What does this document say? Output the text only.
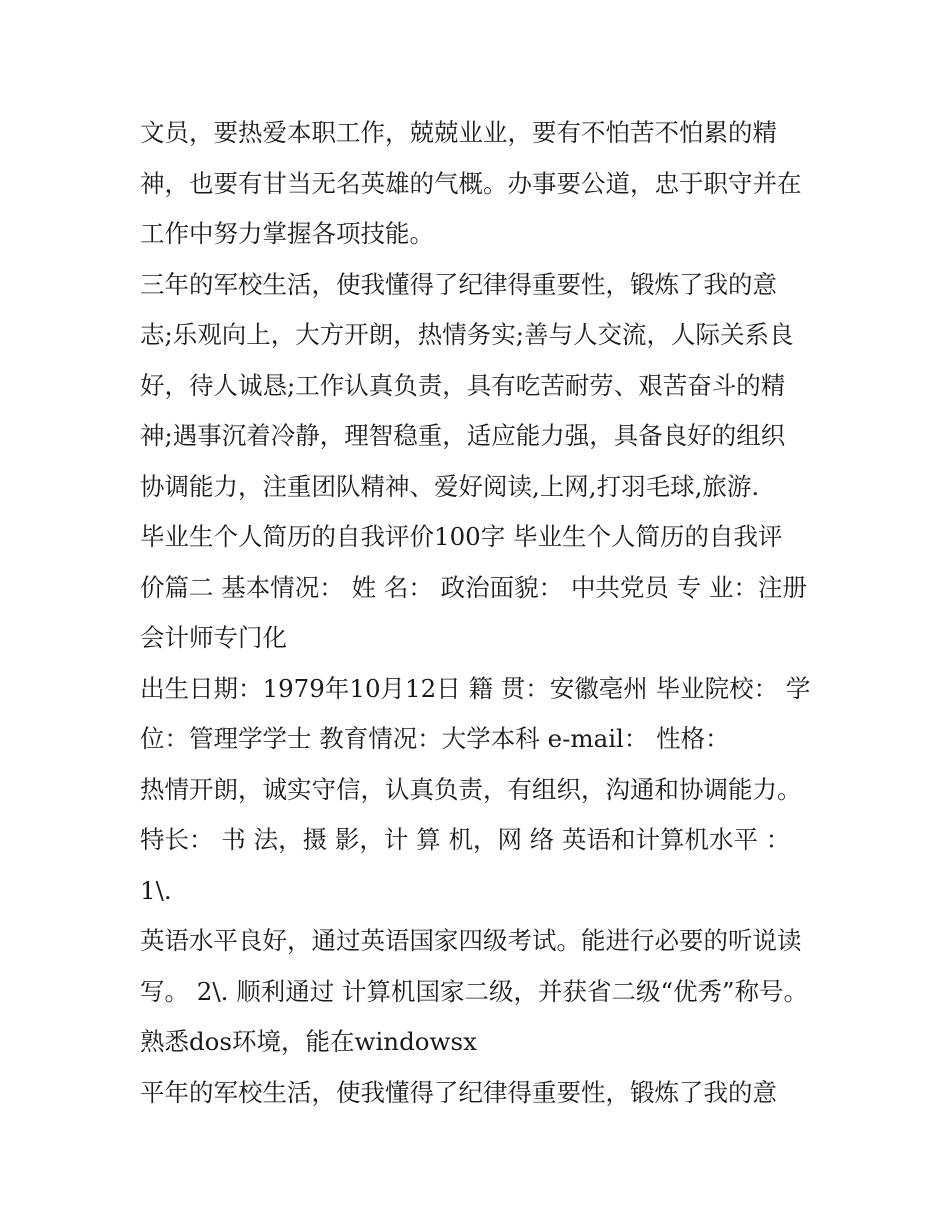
文员，要热爱本职工作，兢兢业业，要有不怕苦不怕累的精
神，也要有甘当无名英雄的气概。办事要公道，忠于职守并在
工作中努力掌握各项技能。
三年的军校生活，使我懂得了纪律得重要性，锻炼了我的意
志;乐观向上，大方开朗，热情务实;善与人交流，人际关系良
好，待人诚恳;工作认真负责，具有吃苦耐劳、艰苦奋斗的精
神;遇事沉着冷静，理智稳重，适应能力强，具备良好的组织
协调能力，注重团队精神、爱好阅读,上网,打羽毛球,旅游.
毕业生个人简历的自我评价100字 毕业生个人简历的自我评
价篇二 基本情况： 姓 名： 政治面貌： 中共党员 专 业：注册
会计师专门化
出生日期：1979年10月12日 籍 贯：安徽亳州 毕业院校： 学
位：管理学学士 教育情况：大学本科 e-mail： 性格：
热情开朗，诚实守信，认真负责，有组织，沟通和协调能力。
特长： 书 法，摄 影，计 算 机，网 络 英语和计算机水平 ：
1\.
英语水平良好，通过英语国家四级考试。能进行必要的听说读
写。 2\. 顺利通过 计算机国家二级，并获省二级“优秀”称号。
熟悉dos环境，能在windowsx
平年的军校生活，使我懂得了纪律得重要性，锻炼了我的意
